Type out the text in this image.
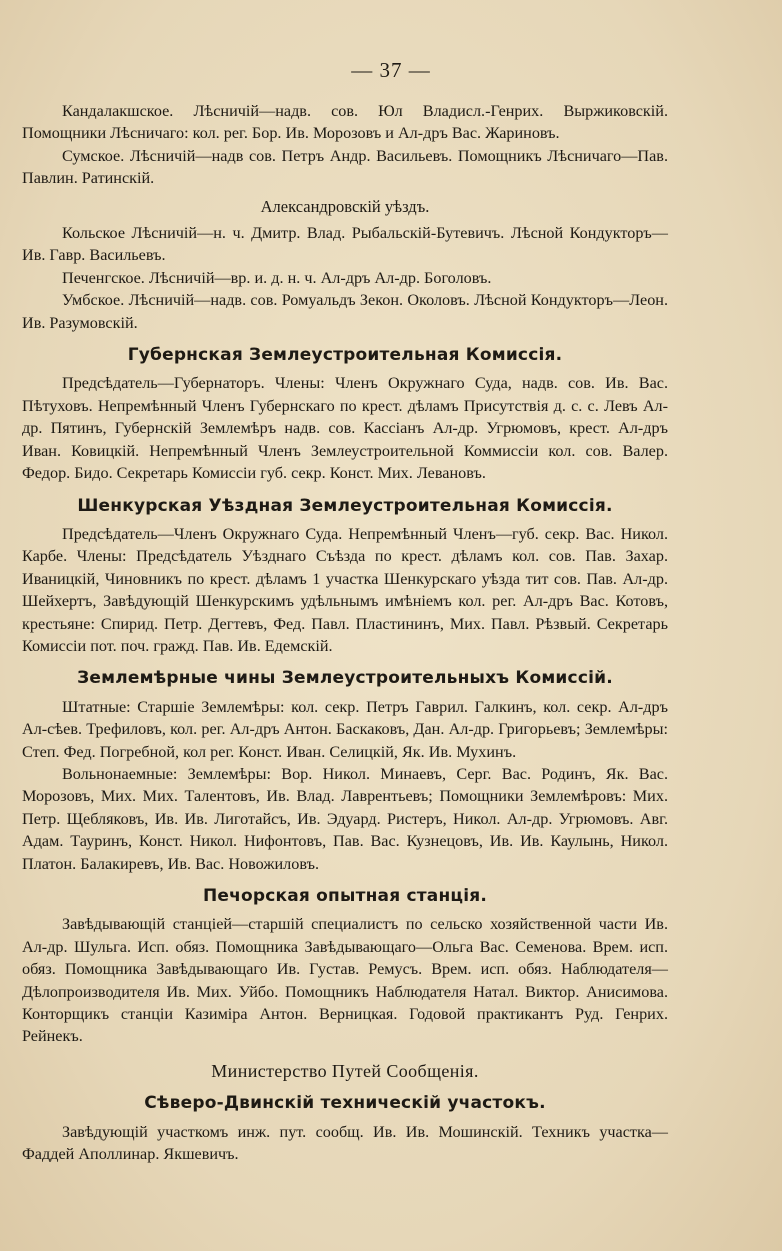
— 37 —
Кандалакшское. Лѣсничій—надв. сов. Юл Владисл.-Генрих. Выржиковскій. Помощники Лѣсничаго: кол. рег. Бор. Ив. Морозовъ и Ал-дръ Вас. Жариновъ.
Сумское. Лѣсничій—надв сов. Петръ Андр. Васильевъ. Помощникъ Лѣсничаго—Пав. Павлин. Ратинскій.
Александровскій уѣздъ.
Кольское Лѣсничій—н. ч. Дмитр. Влад. Рыбальскій-Бутевичъ. Лѣсной Кондукторъ—Ив. Гавр. Васильевъ.
Печенгское. Лѣсничій—вр. и. д. н. ч. Ал-дръ Ал-др. Боголовъ.
Умбское. Лѣсничій—надв. сов. Ромуальдъ Зекон. Околовъ. Лѣсной Кондукторъ—Леон. Ив. Разумовскій.
Губернская Землеустроительная Комиссія.
Предсѣдатель—Губернаторъ. Члены: Членъ Окружнаго Суда, надв. сов. Ив. Вас. Пѣтуховъ. Непремѣнный Членъ Губернскаго по крест. дѣламъ Присутствія д. с. с. Левъ Ал-др. Пятинъ, Губернскій Землемѣръ надв. сов. Кассіанъ Ал-др. Угрюмовъ, крест. Ал-дръ Иван. Ковицкій. Непремѣнный Членъ Землеустроительной Коммиссіи кол. сов. Валер. Федор. Бидо. Секретарь Комиссіи губ. секр. Конст. Мих. Левановъ.
Шенкурская Уѣздная Землеустроительная Комиссія.
Предсѣдатель—Членъ Окружнаго Суда. Непремѣнный Членъ—губ. секр. Вас. Никол. Карбе. Члены: Предсѣдатель Уѣзднаго Съѣзда по крест. дѣламъ кол. сов. Пав. Захар. Иваницкій, Чиновникъ по крест. дѣламъ 1 участка Шенкурскаго уѣзда тит сов. Пав. Ал-др. Шейхертъ, Завѣдующій Шенкурскимъ удѣльнымъ имѣніемъ кол. рег. Ал-дръ Вас. Котовъ, крестьяне: Спирид. Петр. Дегтевъ, Фед. Павл. Пластининъ, Мих. Павл. Рѣзвый. Секретарь Комиссіи пот. поч. гражд. Пав. Ив. Едемскій.
Землемѣрные чины Землеустроительныхъ Комиссій.
Штатные: Старшіе Землемѣры: кол. секр. Петръ Гаврил. Галкинъ, кол. секр. Ал-дръ Ал-сѣев. Трефиловъ, кол. рег. Ал-дръ Антон. Баскаковъ, Дан. Ал-др. Григорьевъ; Землемѣры: Степ. Фед. Погребной, кол рег. Конст. Иван. Селицкій, Як. Ив. Мухинъ.
Вольнонаемные: Землемѣры: Вор. Никол. Минаевъ, Серг. Вас. Родинъ, Як. Вас. Морозовъ, Мих. Мих. Талентовъ, Ив. Влад. Лаврентьевъ; Помощники Землемѣровъ: Мих. Петр. Щебляковъ, Ив. Ив. Лиготайсъ, Ив. Эдуард. Ристеръ, Никол. Ал-др. Угрюмовъ. Авг. Адам. Тауринъ, Конст. Никол. Нифонтовъ, Пав. Вас. Кузнецовъ, Ив. Ив. Каулынь, Никол. Платон. Балакиревъ, Ив. Вас. Новожиловъ.
Печорская опытная станція.
Завѣдывающій станціей—старшій специалистъ по сельско хозяйственной части Ив. Ал-др. Шульга. Исп. обяз. Помощника Завѣдывающаго—Ольга Вас. Семенова. Врем. исп. обяз. Помощника Завѣдывающаго Ив. Густав. Ремусъ. Врем. исп. обяз. Наблюдателя—Дѣлопроизводителя Ив. Мих. Уйбо. Помощникъ Наблюдателя Натал. Виктор. Анисимова. Конторщикъ станціи Казиміра Антон. Верницкая. Годовой практикантъ Руд. Генрих. Рейнекъ.
Министерство Путей Сообщенія.
Сѣверо-Двинскій техническій участокъ.
Завѣдующій участкомъ инж. пут. сообщ. Ив. Ив. Мошинскій. Техникъ участка—Фаддей Аполлинар. Якшевичъ.
